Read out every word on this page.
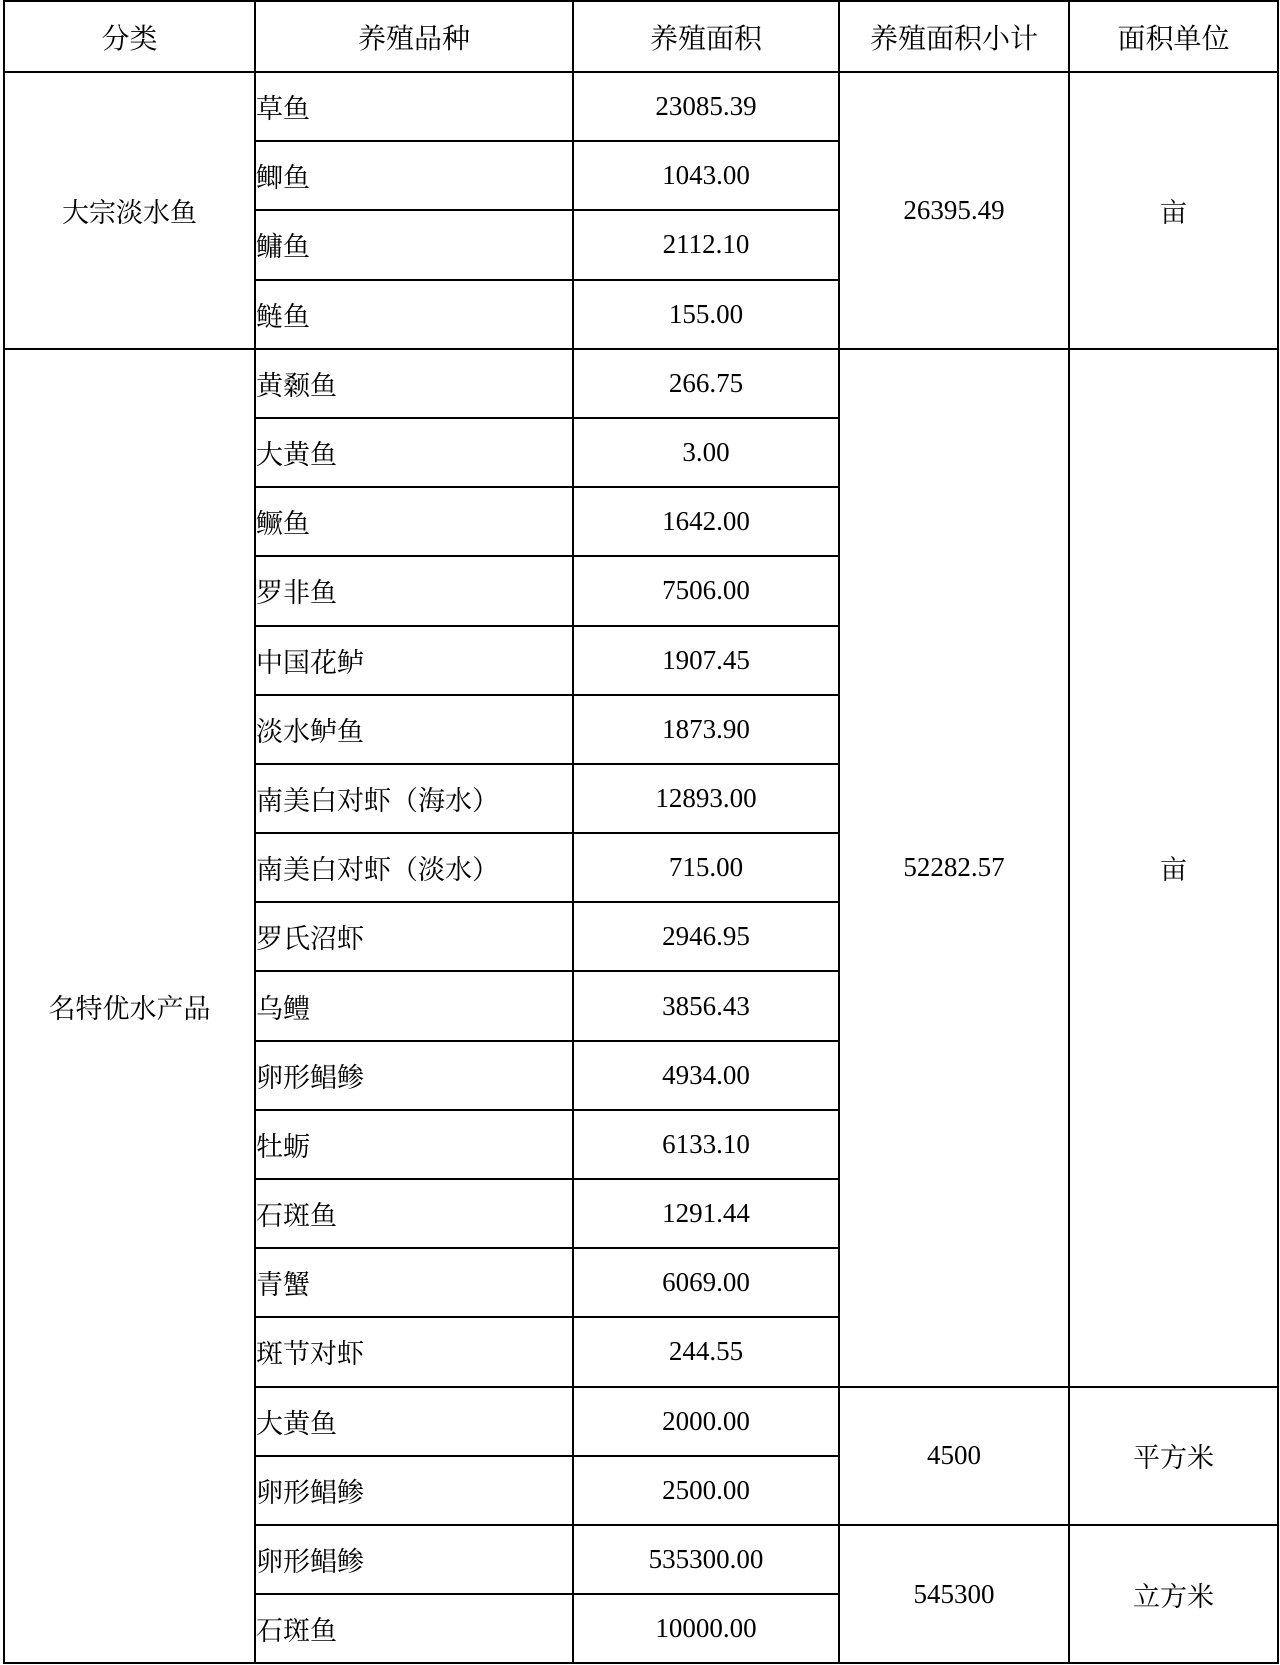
分类	养殖品种	养殖面积	养殖面积小计	面积单位
大宗淡水鱼	草鱼	23085.39	26395.49	亩
	鲫鱼	1043.00		
	鳙鱼	2112.10		
	鲢鱼	155.00		
名特优水产品	黄颡鱼	266.75	52282.57	亩
	大黄鱼	3.00		
	鳜鱼	1642.00		
	罗非鱼	7506.00		
	中国花鲈	1907.45		
	淡水鲈鱼	1873.90		
	南美白对虾（海水）	12893.00		
	南美白对虾（淡水）	715.00		
	罗氏沼虾	2946.95		
	乌鳢	3856.43		
	卵形鲳鲹	4934.00		
	牡蛎	6133.10		
	石斑鱼	1291.44		
	青蟹	6069.00		
	斑节对虾	244.55		
	大黄鱼	2000.00	4500	平方米
	卵形鲳鲹	2500.00		
	卵形鲳鲹	535300.00	545300	立方米
	石斑鱼	10000.00		
